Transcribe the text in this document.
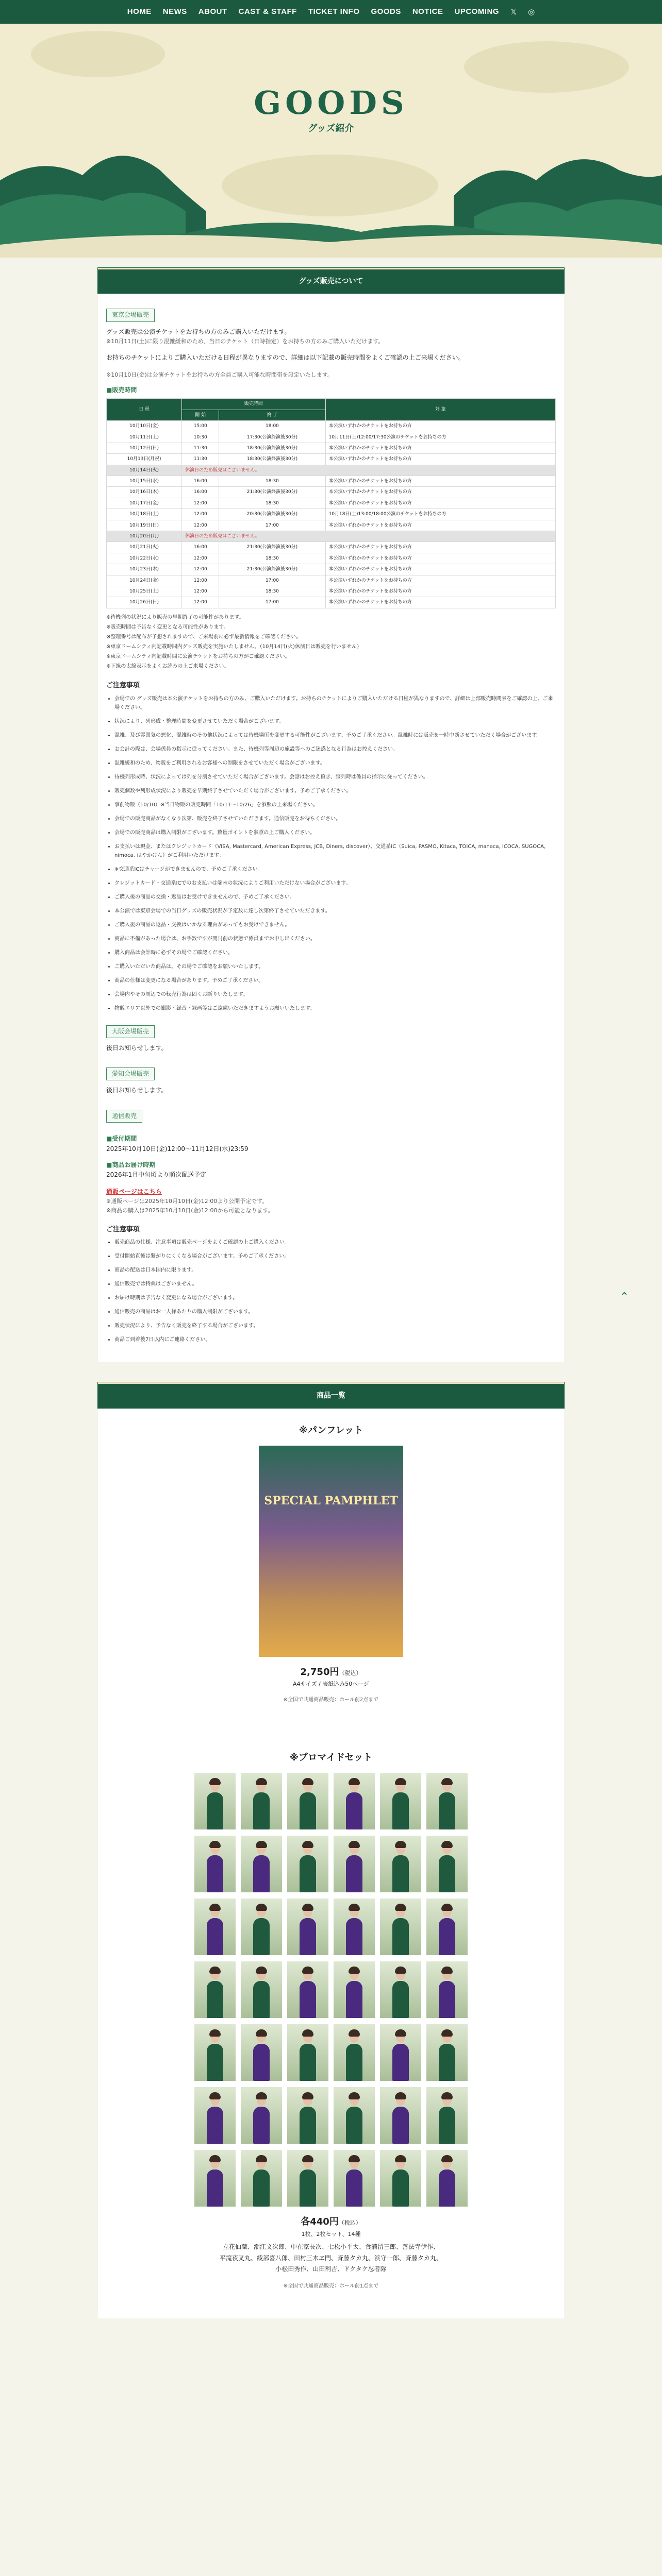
GOODS
グッズ紹介
HOME NEWS ABOUT CAST & STAFF TICKET INFO GOODS NOTICE UPCOMING 𝕏 ◎
グッズ販売について
東京会場販売
グッズ販売は公演チケットをお持ちの方のみご購入いただけます。
※10月11日(土)に限り混雑緩和のため、当日のチケット（日時指定）をお持ちの方のみご購入いただけます。
お持ちのチケットによりご購入いただける日程が異なりますので、詳細は以下記載の販売時間をよくご確認の上ご来場ください。
※10月10日(金)は公演チケットをお持ちの方全員ご購入可能な時間帯を設定いたします。
■販売時間
日 程	販売時間		対 象
	開 始	終 了	
10月10日(金)	15:00	18:00	本公演いずれかのチケットをお持ちの方
10月11日(土)	10:30	17:30(公演終演後30分)	10月11日(土)12:00/17:30公演のチケットをお持ちの方
10月12日(日)	11:30	18:30(公演終演後30分)	本公演いずれかのチケットをお持ちの方
10月13日(月祝)	11:30	18:30(公演終演後30分)	本公演いずれかのチケットをお持ちの方
10月14日(火)	休演日のため販売はございません。		
10月15日(水)	16:00	18:30	本公演いずれかのチケットをお持ちの方
10月16日(木)	16:00	21:30(公演終演後30分)	本公演いずれかのチケットをお持ちの方
10月17日(金)	12:00	18:30	本公演いずれかのチケットをお持ちの方
10月18日(土)	12:00	20:30(公演終演後30分)	10月18日(土)13:00/18:00公演のチケットをお持ちの方
10月19日(日)	12:00	17:00	本公演いずれかのチケットをお持ちの方
10月20日(月)	休演日のため販売はございません。		
10月21日(火)	16:00	21:30(公演終演後30分)	本公演いずれかのチケットをお持ちの方
10月22日(水)	12:00	18:30	本公演いずれかのチケットをお持ちの方
10月23日(木)	12:00	21:30(公演終演後30分)	本公演いずれかのチケットをお持ちの方
10月24日(金)	12:00	17:00	本公演いずれかのチケットをお持ちの方
10月25日(土)	12:00	18:30	本公演いずれかのチケットをお持ちの方
10月26日(日)	12:00	17:00	本公演いずれかのチケットをお持ちの方
※待機列の状況により販売の早期終了の可能性があります。
※販売時間は予告なく変更となる可能性があります。
※整理番号は配布が予想されますので、ご来場前に必ず最新情報をご確認ください。
※東京ドームシティ内記載時間内グッズ販売を実施いたしません。（10月14日(火)休演日は販売を行いません）
※東京ドームシティ内記載時間に公演チケットをお持ちの方がご確認ください。
※下線の太線表示をよくお読みの上ご来場ください。
ご注意事項
• 会場での グッズ販売は本公演チケットをお持ちの方のみ、ご購入いただけます。お持ちのチケットによりご購入いただける日程が異なりますので、詳細は上部販売時間表をご確認の上、ご来場ください。
• 状況により、列形成・整理時間を変更させていただく場合がございます。
• 混雑、及び雰囲気の悪化、混雑時のその他状況によっては待機場所を変更する可能性がございます。予めご了承ください。混雑時には販売を一時中断させていただく場合がございます。
• お会計の際は、会場係員の指示に従ってください。また、待機列等周辺の施設等へのご迷惑となる行為はお控えください。
• 混雑緩和のため、物販をご利用されるお客様への制限をさせていただく場合がございます。
• 待機列形成時、状況によっては列を分割させていただく場合がございます。会話はお控え頂き、整列時は係員の指示に従ってください。
• 販売個数や列形成状況により販売を早期終了させていただく場合がございます。予めご了承ください。
• 事前物販（10/10）※当日物販の販売時間「10/11～10/26」を参照の上来場ください。
• 会場での販売商品がなくなり次第、販売を終了させていただきます。通信販売をお待ちください。
• 会場での販売商品は購入制限がございます。数量ポイントを参照の上ご購入ください。
• お支払いは現金、またはクレジットカード（VISA, Mastercard, American Express, JCB, Diners, discover）、交通系IC（Suica, PASMO, Kitaca, TOICA, manaca, ICOCA, SUGOCA, nimoca, はやかけん）がご利用いただけます。
• ※交通系ICはチャージができませんので、予めご了承ください。
• クレジットカード・交通系ICでのお支払いは端末の状況によりご利用いただけない場合がございます。
• ご購入後の商品の交換・返品はお受けできませんので、予めご了承ください。
• 本公演では東京会場での当日グッズの販売状況が予定数に達し次第終了させていただきます。
• ご購入後の商品の返品・交換はいかなる理由があってもお受けできません。
• 商品に不備があった場合は、お手数ですが開封前の状態で係員までお申し出ください。
• 購入商品は会計時に必ずその場でご確認ください。
• ご購入いただいた商品は、その場でご確認をお願いいたします。
• 商品の仕様は変更になる場合があります。予めご了承ください。
• 会場内やその周辺での転売行為は固くお断りいたします。
• 物販エリア以外での撮影・録音・録画等はご遠慮いただきますようお願いいたします。
大阪会場販売
後日お知らせします。
愛知会場販売
後日お知らせします。
通信販売
■受付期間
2025年10月10日(金)12:00～11月12日(水)23:59
■商品お届け時期
2026年1月中旬頃より順次配送予定
通販ページはこちら
※通販ページは2025年10月10日(金)12:00より公開予定です。
※商品の購入は2025年10月10日(金)12:00から可能となります。
ご注意事項
• 販売商品の仕様、注意事項は販売ページをよくご確認の上ご購入ください。
• 受付開始直後は繋がりにくくなる場合がございます。予めご了承ください。
• 商品の配送は日本国内に限ります。
• 通信販売では特典はございません。
• お届け時期は予告なく変更になる場合がございます。
• 通信販売の商品はお一人様あたりの購入制限がございます。
• 販売状況により、予告なく販売を終了する場合がございます。
• 商品ご到着後7日以内にご連絡ください。
商品一覧
※パンフレット
SPECIAL PAMPHLET
2,750円（税込）
A4サイズ / 表紙込み50ページ
※全国で共通商品販売：ホール前2点まで
※ブロマイドセット
各440円（税込）
1枚、2枚セット、14種
立花仙蔵、潮江文次郎、中在家長次、七松小平太、食満留三郎、善法寺伊作、
平滝夜叉丸、綾部喜八郎、田村三木ヱ門、斉藤タカ丸、浜守一郎、斉藤タカ丸、
小松田秀作、山田利吉、ドクタケ忍者隊
※全国で共通商品販売：ホール前1点まで
⌃
